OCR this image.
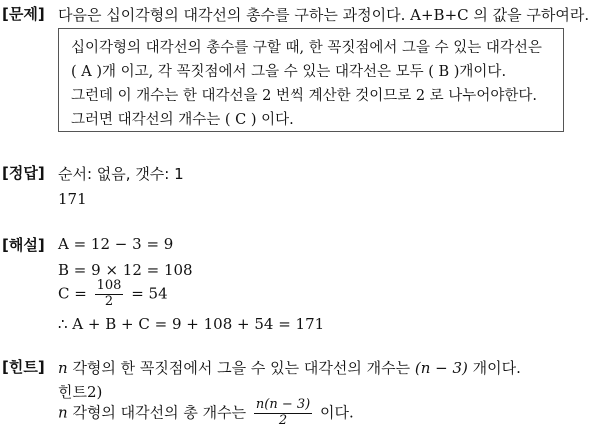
[문제] 다음은 십이각형의 대각선의 총수를 구하는 과정이다. A+B+C 의 값을 구하여라.
십이각형의 대각선의 총수를 구할 때, 한 꼭짓점에서 그을 수 있는 대각선은
( A )개 이고, 각 꼭짓점에서 그을 수 있는 대각선은 모두 ( B )개이다.
그런데 이 개수는 한 대각선을 2 번씩 계산한 것이므로 2 로 나누어야한다.
그러면 대각선의 개수는 ( C ) 이다.
[정답] 순서: 없음, 갯수: 1
171
[해설] A = 12 − 3 = 9
B = 9 × 12 = 108
$C = \frac{108}{2} = 54$
∴ A + B + C = 9 + 108 + 54 = 171
[힌트] n 각형의 한 꼭짓점에서 그을 수 있는 대각선의 개수는 (n − 3) 개이다.
힌트2)
n 각형의 대각선의 총 개수는 $\frac{n(n - 3)}{2}$ 이다.
